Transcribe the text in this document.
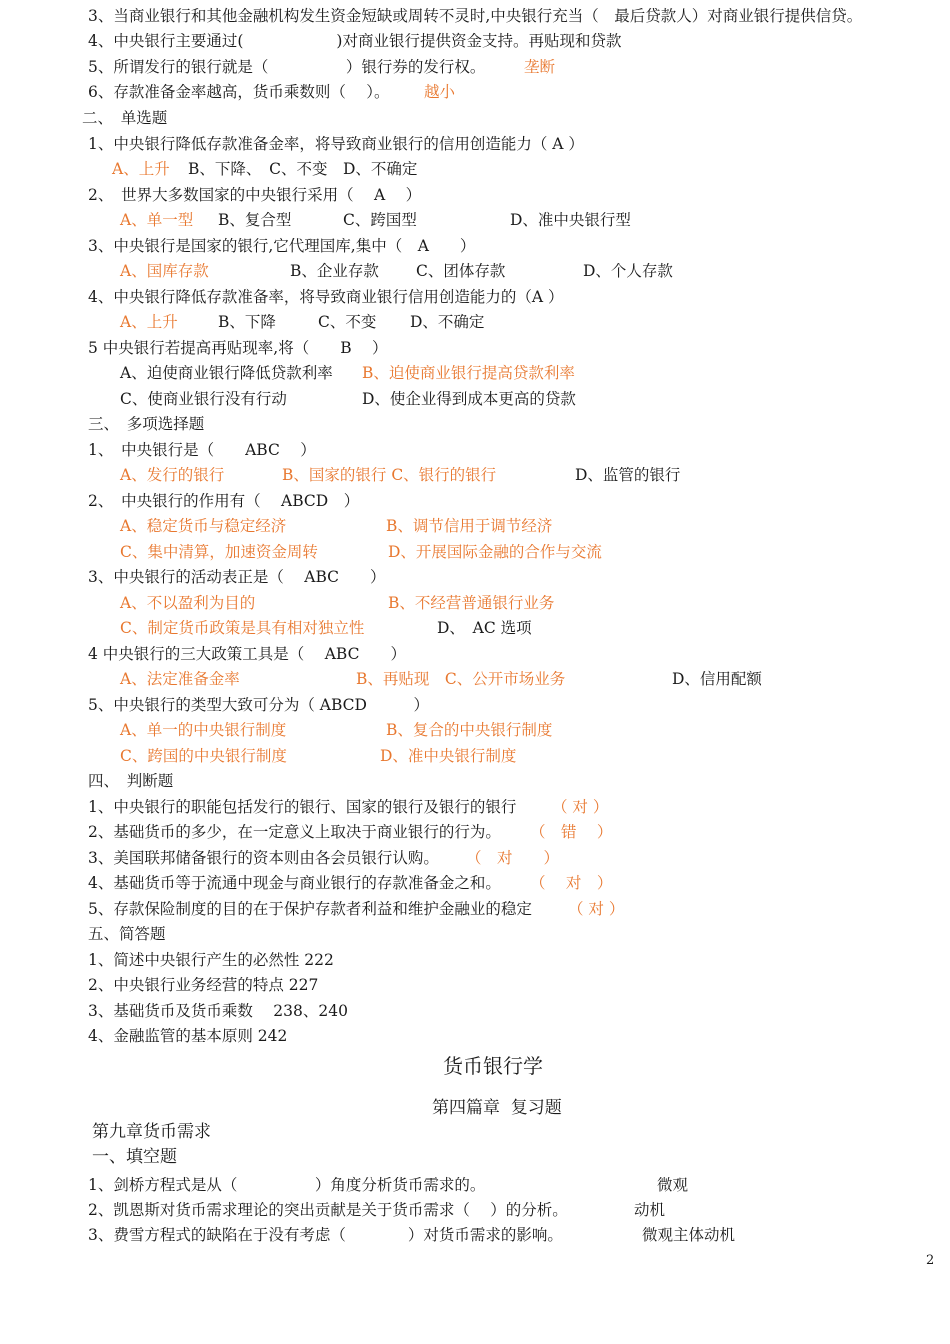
3、当商业银行和其他金融机构发生资金短缺或周转不灵时,中央银行充当（　最后贷款人）对商业银行提供信贷。
4、中央银行主要通过(　　　　　　)对商业银行提供资金支持。再贴现和贷款
5、所谓发行的银行就是（　　　　　）银行券的发行权。 垄断
6、存款准备金率越高，货币乘数则（　 ）。 越小
二、　单选题
1、中央银行降低存款准备金率，将导致商业银行的信用创造能力（ A ）
A、上升 B、下降、　C、不变　D、不确定
2、　世界大多数国家的中央银行采用（　 A　 ）
A、单一型 B、复合型	C、跨国型	D、准中央银行型
3、中央银行是国家的银行,它代理国库,集中（　A　　）
A、国库存款	B、企业存款 C、团体存款	D、个人存款
4、中央银行降低存款准备率，将导致商业银行信用创造能力的（A ）
A、上升	B、下降	C、不变 D、不确定
5 中央银行若提高再贴现率,将（　　B　 ）
A、迫使商业银行降低贷款利率 B、迫使商业银行提高贷款利率
C、使商业银行没有行动	D、使企业得到成本更高的贷款
三、　多项选择题
1、　中央银行是（　　ABC　 ）
A、发行的银行	B、国家的银行 C、银行的银行	D、监管的银行
2、　中央银行的作用有（　 ABCD　）
A、稳定货币与稳定经济	B、调节信用于调节经济
C、集中清算，加速资金周转	D、开展国际金融的合作与交流
3、中央银行的活动表正是（　 ABC　　）
A、不以盈利为目的	B、不经营普通银行业务
C、制定货币政策是具有相对独立性	D、　AC 选项
4 中央银行的三大政策工具是（　 ABC　　）
A、法定准备金率	B、再贴现　C、公开市场业务	D、信用配额
5、中央银行的类型大致可分为（ ABCD　　　）
A、单一的中央银行制度	B、复合的中央银行制度
C、跨国的中央银行制度	D、准中央银行制度
四、　判断题
1、中央银行的职能包括发行的银行、国家的银行及银行的银行 （ 对 ）
2、基础货币的多少，在一定意义上取决于商业银行的行为。 （　错　 ）
3、美国联邦储备银行的资本则由各会员银行认购。 （　对　　）
4、基础货币等于流通中现金与商业银行的存款准备金之和。 （　 对　）
5、存款保险制度的目的在于保护存款者利益和维护金融业的稳定 （ 对 ）
五、简答题
1、简述中央银行产生的必然性 222
2、中央银行业务经营的特点 227
3、基础货币及货币乘数　 238、240
4、金融监管的基本原则 242
货币银行学
第四篇章  复习题
第九章货币需求
一、填空题
1、剑桥方程式是从（　　　　　）角度分析货币需求的。	微观
2、凯恩斯对货币需求理论的突出贡献是关于货币需求（　 ）的分析。	动机
3、费雪方程式的缺陷在于没有考虑（　　　　）对货币需求的影响。	微观主体动机
2
